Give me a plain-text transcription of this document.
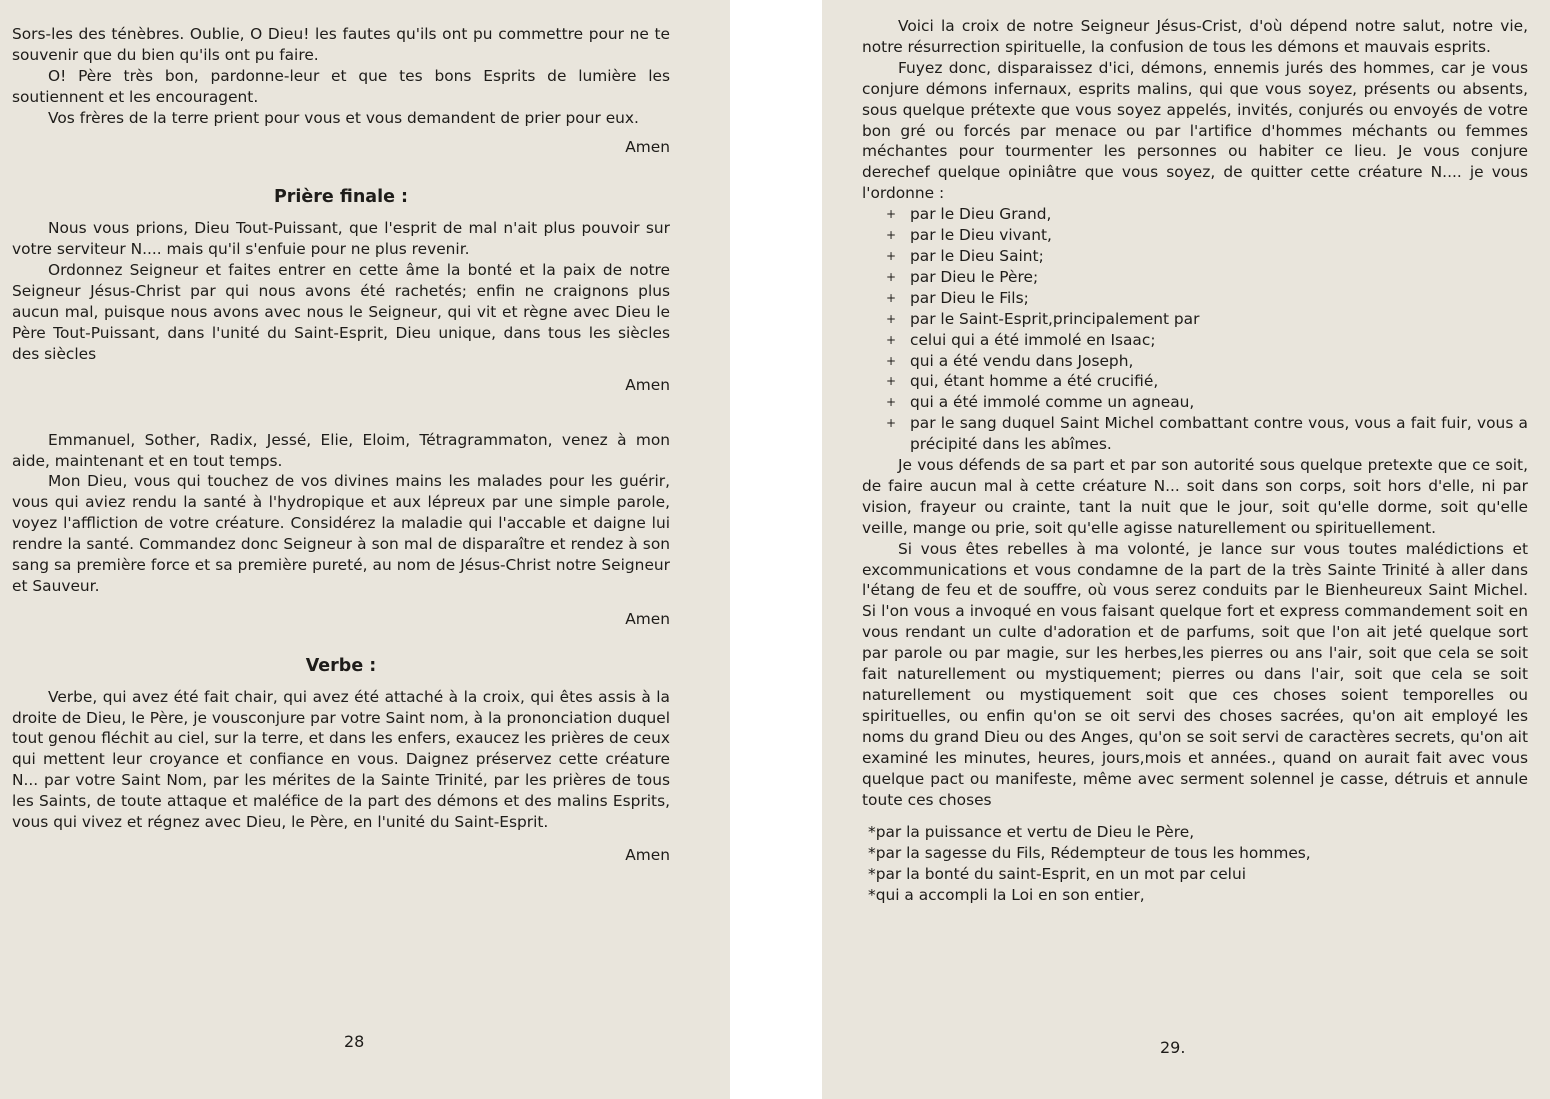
Sors-les des ténèbres. Oublie, O Dieu! les fautes qu'ils ont pu commettre pour ne te souvenir que du bien qu'ils ont pu faire.

O! Père très bon, pardonne-leur et que tes bons Esprits de lumière les soutiennent et les encouragent.

Vos frères de la terre prient pour vous et vous demandent de prier pour eux.

Amen

Prière finale :

Nous vous prions, Dieu Tout-Puissant, que l'esprit de mal n'ait plus pouvoir sur votre serviteur N.... mais qu'il s'enfuie pour ne plus revenir.

Ordonnez Seigneur et faites entrer en cette âme la bonté et la paix de notre Seigneur Jésus-Christ par qui nous avons été rachetés; enfin ne craignons plus aucun mal, puisque nous avons avec nous le Seigneur, qui vit et règne avec Dieu le Père Tout-Puissant, dans l'unité du Saint-Esprit, Dieu unique, dans tous les siècles des siècles

Amen

Emmanuel, Sother, Radix, Jessé, Elie, Eloim, Tétragrammaton, venez à mon aide, maintenant et en tout temps.

Mon Dieu, vous qui touchez de vos divines mains les malades pour les guérir, vous qui aviez rendu la santé à l'hydropique et aux lépreux par une simple parole, voyez l'affliction de votre créature. Considérez la maladie qui l'accable et daigne lui rendre la santé. Commandez donc Seigneur à son mal de disparaître et rendez à son sang sa première force et sa première pureté, au nom de Jésus-Christ notre Seigneur et Sauveur.

Amen

Verbe :

Verbe, qui avez été fait chair, qui avez été attaché à la croix, qui êtes assis à la droite de Dieu, le Père, je vousconjure par votre Saint nom, à la prononciation duquel tout genou fléchit au ciel, sur la terre, et dans les enfers, exaucez les prières de ceux qui mettent leur croyance et confiance en vous. Daignez préservez cette créature N... par votre Saint Nom, par les mérites de la Sainte Trinité, par les prières de tous les Saints, de toute attaque et maléfice de la part des démons et des malins Esprits, vous qui vivez et régnez avec Dieu, le Père, en l'unité du Saint-Esprit.

Amen

28

Voici la croix de notre Seigneur Jésus-Crist, d'où dépend notre salut, notre vie, notre résurrection spirituelle, la confusion de tous les démons et mauvais esprits.

Fuyez donc, disparaissez d'ici, démons, ennemis jurés des hommes, car je vous conjure démons infernaux, esprits malins, qui que vous soyez, présents ou absents, sous quelque prétexte que vous soyez appelés, invités, conjurés ou envoyés de votre bon gré ou forcés par menace ou par l'artifice d'hommes méchants ou femmes méchantes pour tourmenter les personnes ou habiter ce lieu. Je vous conjure derechef quelque opiniâtre que vous soyez, de quitter cette créature N.... je vous l'ordonne :

+ par le Dieu Grand,
+ par le Dieu vivant,
+ par le Dieu Saint;
+ par Dieu le Père;
+ par Dieu le Fils;
+ par le Saint-Esprit,principalement par
+ celui qui a été immolé en Isaac;
+ qui a été vendu dans Joseph,
+ qui, étant homme a été crucifié,
+ qui a été immolé comme un agneau,
+ par le sang duquel Saint Michel combattant contre vous, vous a fait fuir, vous a précipité dans les abîmes.

Je vous défends de sa part et par son autorité sous quelque pretexte que ce soit, de faire aucun mal à cette créature N... soit dans son corps, soit hors d'elle, ni par vision, frayeur ou crainte, tant la nuit que le jour, soit qu'elle dorme, soit qu'elle veille, mange ou prie, soit qu'elle agisse naturellement ou spirituellement.

Si vous êtes rebelles à ma volonté, je lance sur vous toutes malédictions et excommunications et vous condamne de la part de la très Sainte Trinité à aller dans l'étang de feu et de souffre, où vous serez conduits par le Bienheureux Saint Michel. Si l'on vous a invoqué en vous faisant quelque fort et express commandement soit en vous rendant un culte d'adoration et de parfums, soit que l'on ait jeté quelque sort par parole ou par magie, sur les herbes,les pierres ou ans l'air, soit que cela se soit fait naturellement ou mystiquement; pierres ou dans l'air, soit que cela se soit naturellement ou mystiquement soit que ces choses soient temporelles ou spirituelles, ou enfin qu'on se oit servi des choses sacrées, qu'on ait employé les noms du grand Dieu ou des Anges, qu'on se soit servi de caractères secrets, qu'on ait examiné les minutes, heures, jours,mois et années., quand on aurait fait avec vous quelque pact ou manifeste, même avec serment solennel je casse, détruis et annule toute ces choses

* par la puissance et vertu de Dieu le Père,
* par la sagesse du Fils, Rédempteur de tous les hommes,
* par la bonté du saint-Esprit, en un mot par celui
* qui a accompli la Loi en son entier,
29.
